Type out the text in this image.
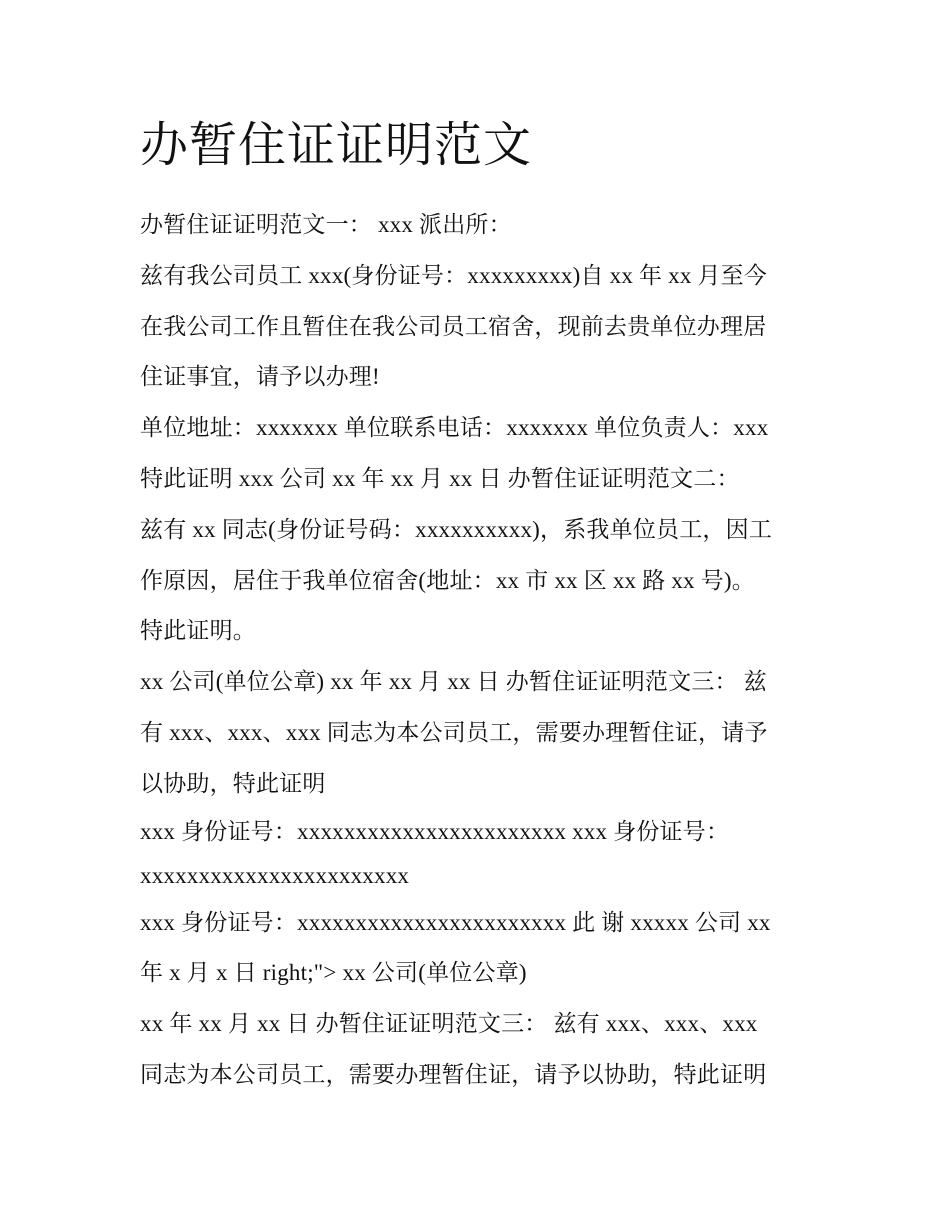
办暂住证证明范文
办暂住证证明范文一： xxx 派出所：
兹有我公司员工 xxx(身份证号：xxxxxxxxx)自 xx 年 xx 月至今
在我公司工作且暂住在我公司员工宿舍，现前去贵单位办理居
住证事宜，请予以办理!
单位地址：xxxxxxx 单位联系电话：xxxxxxx 单位负责人：xxx
特此证明 xxx 公司 xx 年 xx 月 xx 日 办暂住证证明范文二：
兹有 xx 同志(身份证号码：xxxxxxxxxx)，系我单位员工，因工
作原因，居住于我单位宿舍(地址：xx 市 xx 区 xx 路 xx 号)。
特此证明。
xx 公司(单位公章) xx 年 xx 月 xx 日 办暂住证证明范文三： 兹
有 xxx、xxx、xxx 同志为本公司员工，需要办理暂住证，请予
以协助，特此证明
xxx 身份证号：xxxxxxxxxxxxxxxxxxxxxxx xxx 身份证号：
xxxxxxxxxxxxxxxxxxxxxxx
xxx 身份证号：xxxxxxxxxxxxxxxxxxxxxxx 此 谢 xxxxx 公司 xx
年 x 月 x 日 right;"> xx 公司(单位公章)
xx 年 xx 月 xx 日 办暂住证证明范文三： 兹有 xxx、xxx、xxx
同志为本公司员工，需要办理暂住证，请予以协助，特此证明
